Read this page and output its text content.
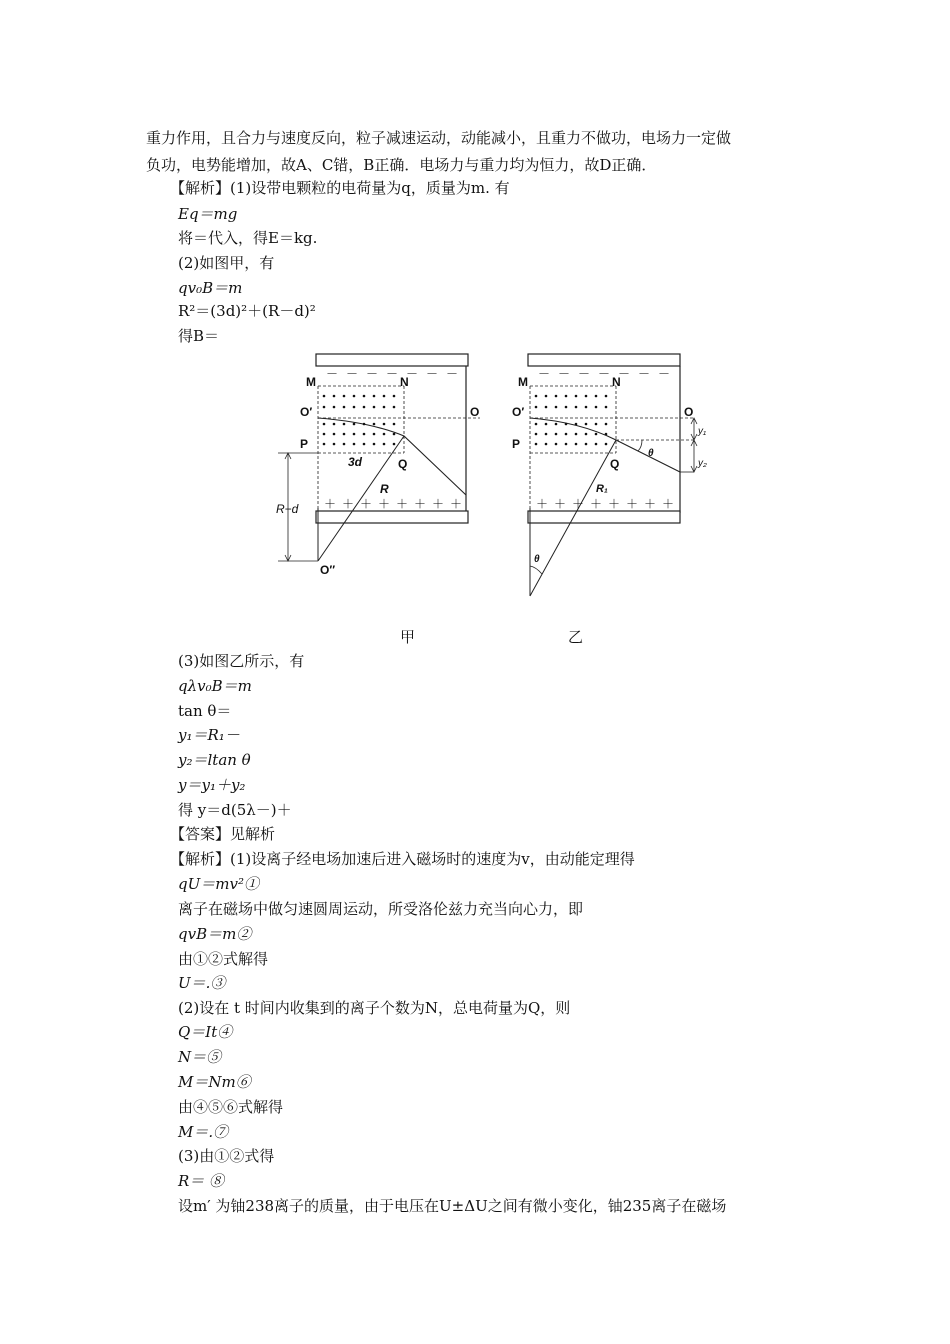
重力作用，且合力与速度反向，粒子减速运动，动能减小，且重力不做功，电场力一定做
负功，电势能增加，故A、C错，B正确．电场力与重力均为恒力，故D正确．
【解析】(1)设带电颗粒的电荷量为q，质量为m. 有
Eq＝mg
将＝代入，得E＝kg.
(2)如图甲，有
qv₀B＝m
R²＝(3d)²＋(R－d)²
得B＝
－ － － － － － －
＋ ＋ ＋ ＋ ＋ ＋ ＋ ＋
M	N
O′	O
P
Q
3d
R
R−d
O″
－ － － － － － －
＋ ＋ ＋ ＋ ＋ ＋ ＋ ＋
M	N
O′	O
P
Q
θ
R₁
y₁
y₂
θ
甲	乙
(3)如图乙所示，有
qλv₀B＝m
tan θ＝
y₁＝R₁－
y₂＝ltan θ
y＝y₁＋y₂
得 y＝d(5λ－)＋
【答案】见解析
【解析】(1)设离子经电场加速后进入磁场时的速度为v，由动能定理得
qU＝mv²①
离子在磁场中做匀速圆周运动，所受洛伦兹力充当向心力，即
qvB＝m②
由①②式解得
U＝.③
(2)设在 t 时间内收集到的离子个数为N，总电荷量为Q，则
Q＝It④
N＝⑤
M＝Nm⑥
由④⑤⑥式解得
M＝.⑦
(3)由①②式得
R＝ ⑧
设m′ 为铀238离子的质量，由于电压在U±ΔU之间有微小变化，铀235离子在磁场
